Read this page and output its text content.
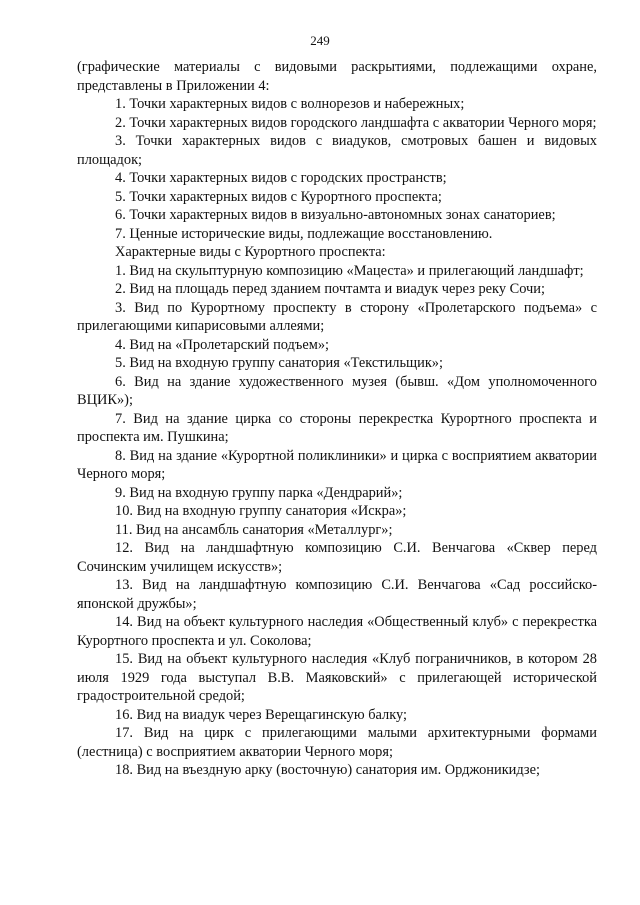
249

(графические материалы с видовыми раскрытиями, подлежащими охране, представлены в Приложении 4:

1. Точки характерных видов с волнорезов и набережных;

2. Точки характерных видов городского ландшафта с акватории Черного моря;

3. Точки характерных видов с виадуков, смотровых башен и видовых площадок;

4. Точки характерных видов с городских пространств;

5. Точки характерных видов с Курортного проспекта;

6. Точки характерных видов в визуально-автономных зонах санаториев;

7. Ценные исторические виды, подлежащие восстановлению.

Характерные виды с Курортного проспекта:

1. Вид на скульптурную композицию «Мацеста» и прилегающий ландшафт;

2. Вид на площадь перед зданием почтамта и виадук через реку Сочи;

3. Вид по Курортному проспекту в сторону «Пролетарского подъема» с прилегающими кипарисовыми аллеями;

4. Вид на «Пролетарский подъем»;

5. Вид на входную группу санатория «Текстильщик»;

6. Вид на здание художественного музея (бывш. «Дом уполномоченного ВЦИК»);

7. Вид на здание цирка со стороны перекрестка Курортного проспекта и проспекта им. Пушкина;

8. Вид на здание «Курортной поликлиники» и цирка с восприятием акватории Черного моря;

9. Вид на входную группу парка «Дендрарий»;

10. Вид на входную группу санатория «Искра»;

11. Вид на ансамбль санатория «Металлург»;

12. Вид на ландшафтную композицию С.И. Венчагова «Сквер перед Сочинским училищем искусств»;

13. Вид на ландшафтную композицию С.И. Венчагова «Сад российско-японской дружбы»;

14. Вид на объект культурного наследия «Общественный клуб» с перекрестка Курортного проспекта и ул. Соколова;

15. Вид на объект культурного наследия «Клуб пограничников, в котором 28 июля 1929 года выступал В.В. Маяковский» с прилегающей исторической градостроительной средой;

16. Вид на виадук через Верещагинскую балку;

17. Вид на цирк с прилегающими малыми архитектурными формами (лестница) с восприятием акватории Черного моря;

18. Вид на въездную арку (восточную) санатория им. Орджоникидзе;
